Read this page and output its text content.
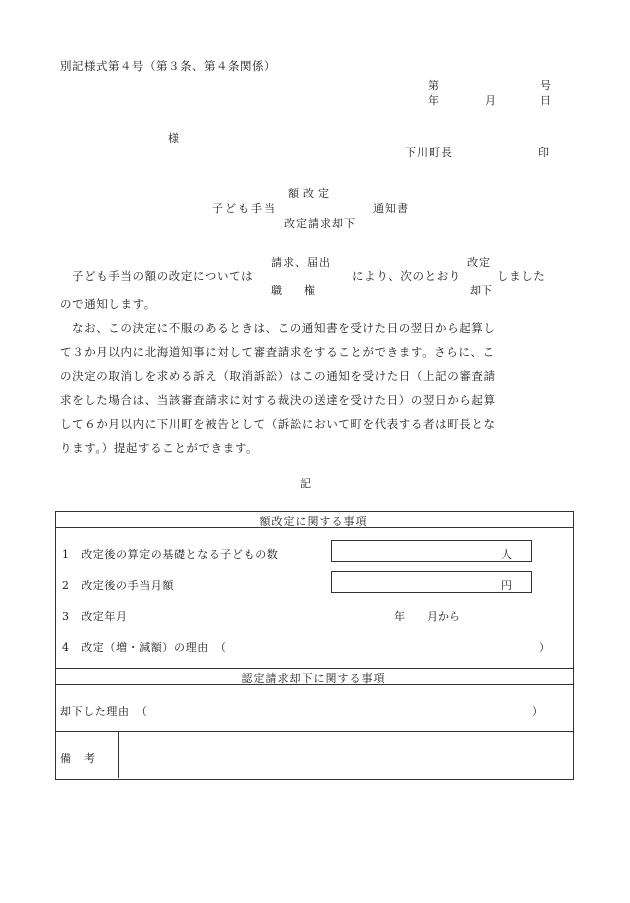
別記様式第４号（第３条、第４条関係）
第	号
年	月	日
様
下川町長	印
額改定
子ども手当	通知書
改定請求却下
請求、届出	改定
子ども手当の額の改定については	により、次のとおり	しました
職　　権	却下
ので通知します。
なお、この決定に不服のあるときは、この通知書を受けた日の翌日から起算し
て３か月以内に北海道知事に対して審査請求をすることができます。さらに、こ
の決定の取消しを求める訴え（取消訴訟）はこの通知を受けた日（上記の審査請
求をした場合は、当該審査請求に対する裁決の送達を受けた日）の翌日から起算
して６か月以内に下川町を被告として（訴訟において町を代表する者は町長とな
ります。）提起することができます。
記
額改定に関する事項
1　改定後の算定の基礎となる子どもの数	人
2　改定後の手当月額	円
3　改定年月	年　　月から
4　改定（増・減額）の理由　（	）
認定請求却下に関する事項
却下した理由　（	）
備　考
